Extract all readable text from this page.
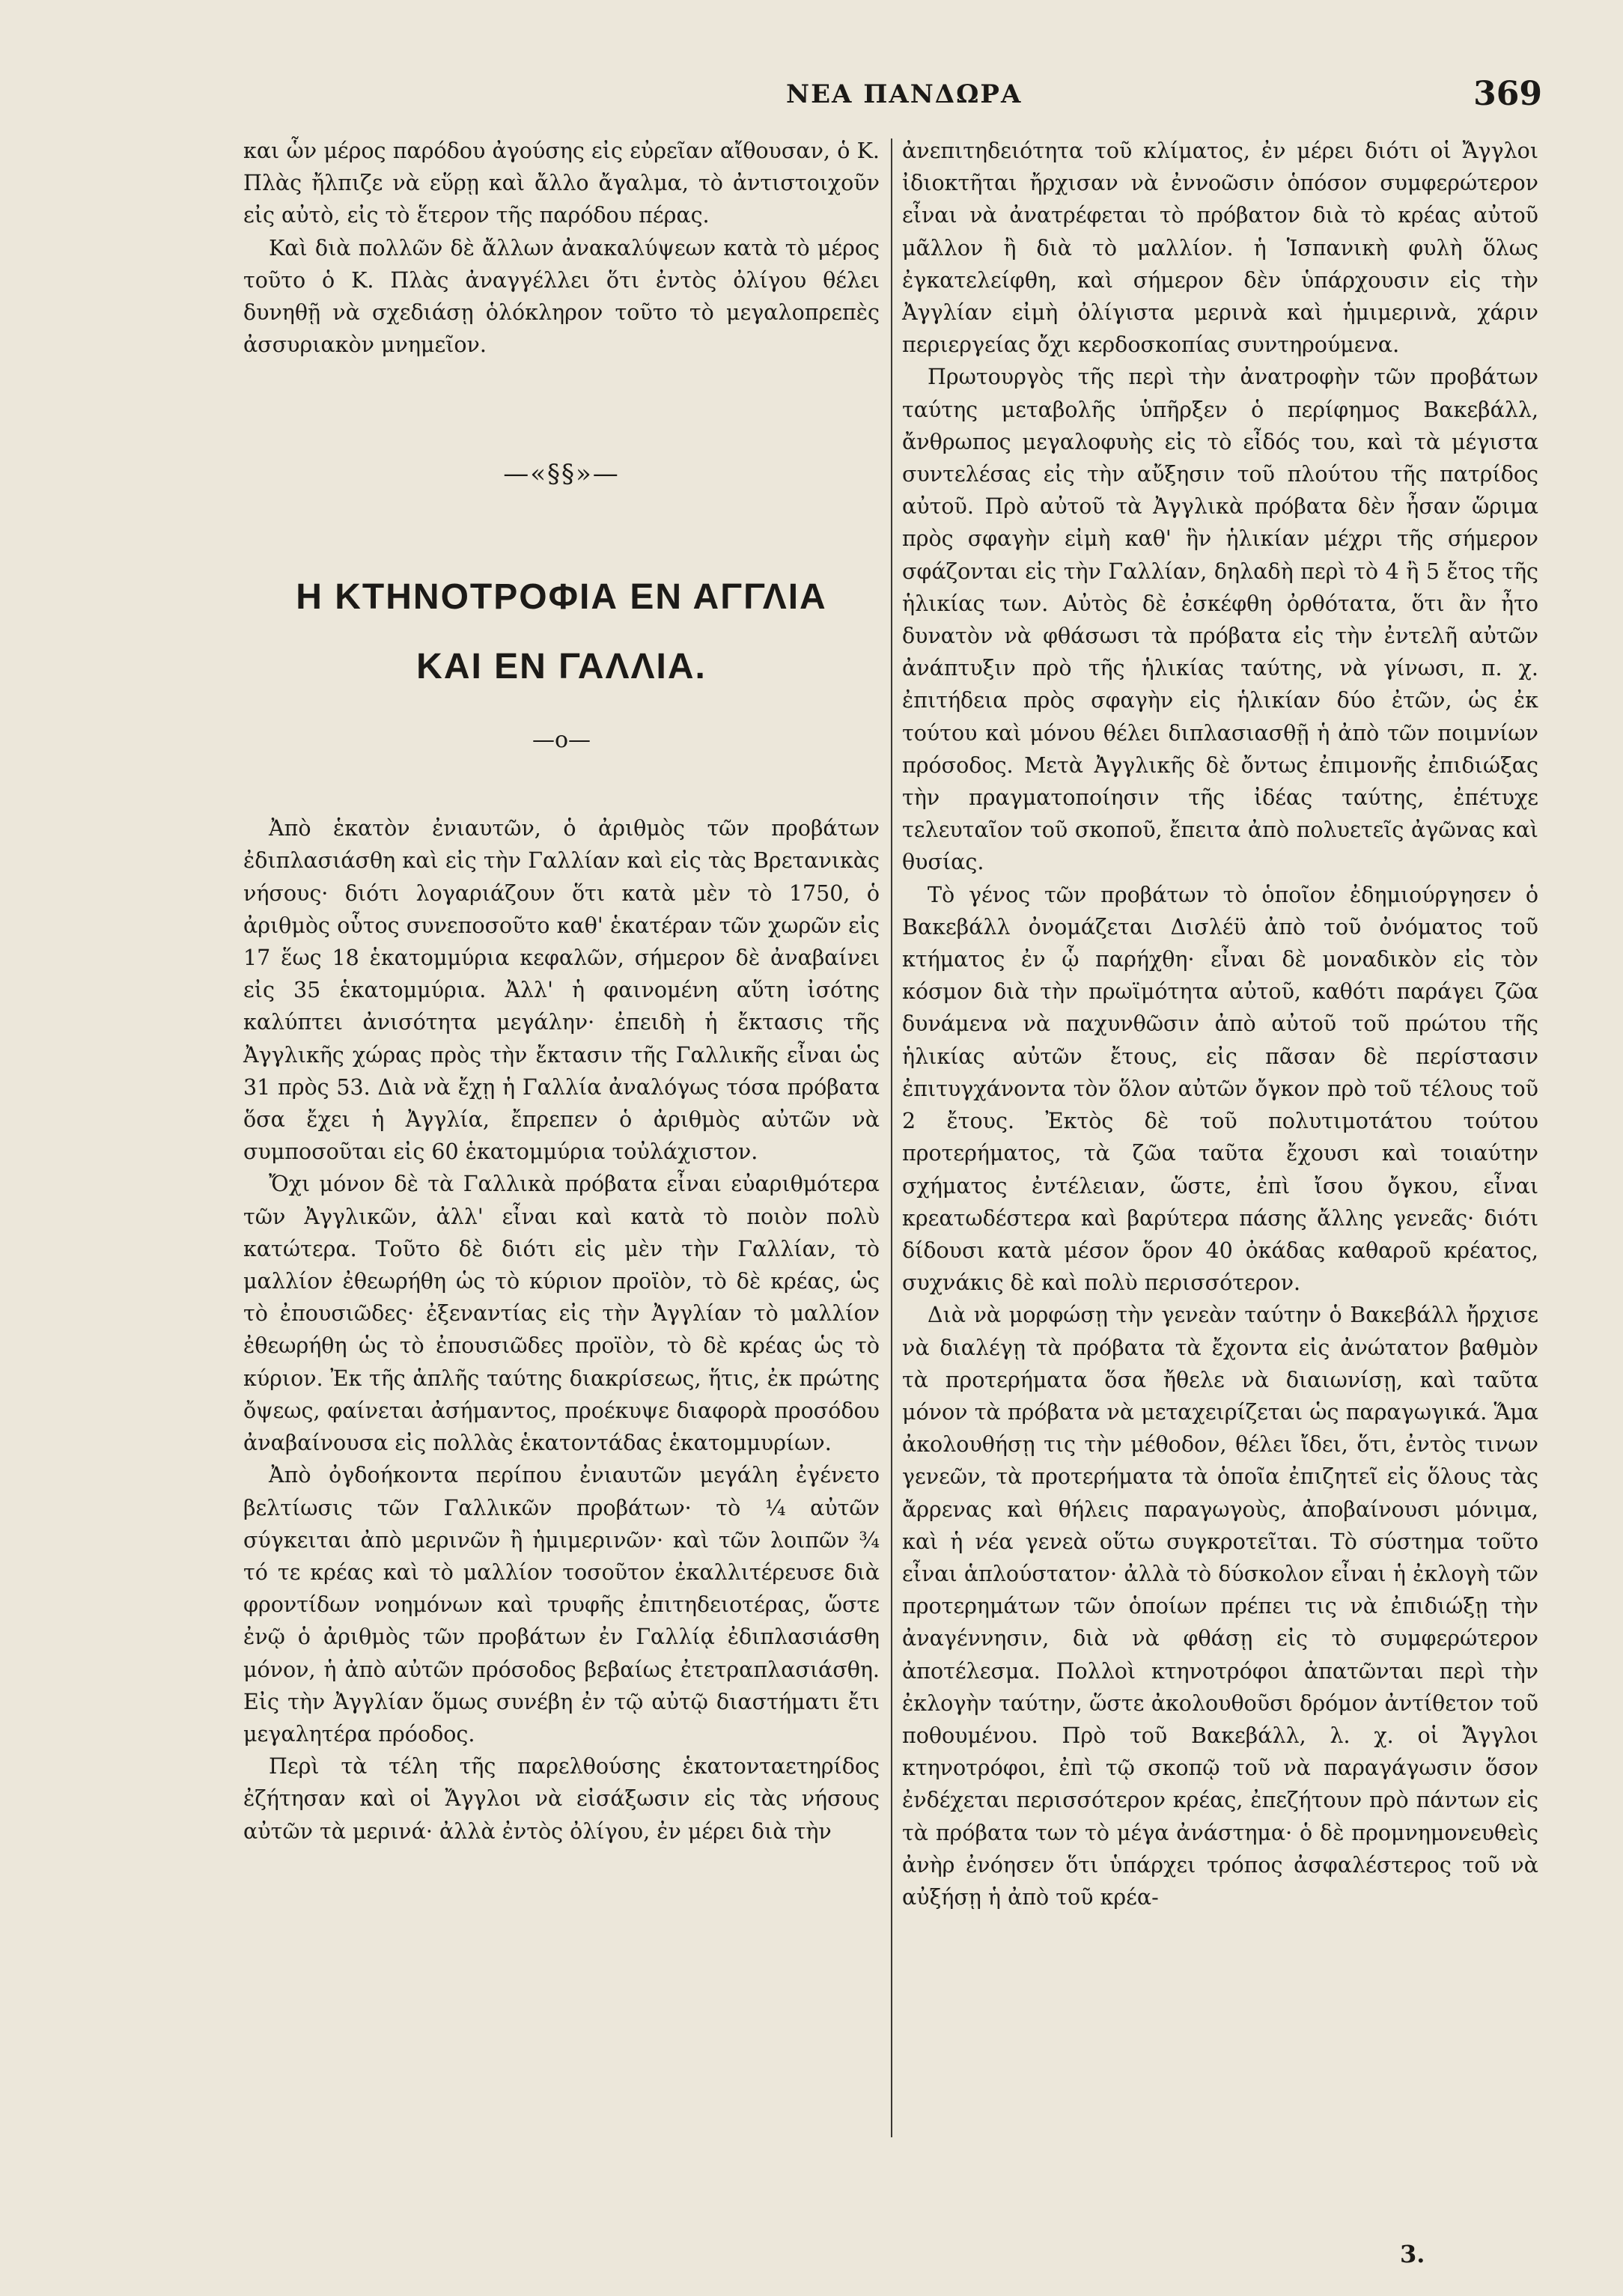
ΝΕΑ ΠΑΝΔΩΡΑ	369

και ὧν μέρος παρόδου ἀγούσης εἰς εὐρεῖαν αἴθουσαν, ὁ Κ. Πλὰς ἤλπιζε νὰ εὕρῃ καὶ ἄλλο ἄγαλμα, τὸ ἀντιστοιχοῦν εἰς αὐτὸ, εἰς τὸ ἕτερον τῆς παρόδου πέρας.

Καὶ διὰ πολλῶν δὲ ἄλλων ἀνακαλύψεων κατὰ τὸ μέρος τοῦτο ὁ Κ. Πλὰς ἀναγγέλλει ὅτι ἐντὸς ὀλίγου θέλει δυνηθῇ νὰ σχεδιάσῃ ὁλόκληρον τοῦτο τὸ μεγαλοπρεπὲς ἀσσυριακὸν μνημεῖον.

—«§§»—
Η ΚΤΗΝΟΤΡΟΦΙΑ ΕΝ ΑΓΓΛΙΑ
ΚΑΙ ΕΝ ΓΑΛΛΙΑ.
—o—

Ἀπὸ ἑκατὸν ἐνιαυτῶν, ὁ ἀριθμὸς τῶν προβάτων ἐδιπλασιάσθη καὶ εἰς τὴν Γαλλίαν καὶ εἰς τὰς Βρετανικὰς νήσους· διότι λογαριάζουν ὅτι κατὰ μὲν τὸ 1750, ὁ ἀριθμὸς οὗτος συνεποσοῦτο καθ' ἑκατέραν τῶν χωρῶν εἰς 17 ἕως 18 ἑκατομμύρια κεφαλῶν, σήμερον δὲ ἀναβαίνει εἰς 35 ἑκατομμύρια. Ἀλλ' ἡ φαινομένη αὕτη ἰσότης καλύπτει ἀνισότητα μεγάλην· ἐπειδὴ ἡ ἔκτασις τῆς Ἀγγλικῆς χώρας πρὸς τὴν ἔκτασιν τῆς Γαλλικῆς εἶναι ὡς 31 πρὸς 53. Διὰ νὰ ἔχῃ ἡ Γαλλία ἀναλόγως τόσα πρόβατα ὅσα ἔχει ἡ Ἀγγλία, ἔπρεπεν ὁ ἀριθμὸς αὐτῶν νὰ συμποσοῦται εἰς 60 ἑκατομμύρια τοὐλάχιστον.

Ὄχι μόνον δὲ τὰ Γαλλικὰ πρόβατα εἶναι εὐαριθμότερα τῶν Ἀγγλικῶν, ἀλλ' εἶναι καὶ κατὰ τὸ ποιὸν πολὺ κατώτερα. Τοῦτο δὲ διότι εἰς μὲν τὴν Γαλλίαν, τὸ μαλλίον ἐθεωρήθη ὡς τὸ κύριον προϊὸν, τὸ δὲ κρέας, ὡς τὸ ἐπουσιῶδες· ἐξεναντίας εἰς τὴν Ἀγγλίαν τὸ μαλλίον ἐθεωρήθη ὡς τὸ ἐπουσιῶδες προϊὸν, τὸ δὲ κρέας ὡς τὸ κύριον. Ἐκ τῆς ἁπλῆς ταύτης διακρίσεως, ἥτις, ἐκ πρώτης ὄψεως, φαίνεται ἀσήμαντος, προέκυψε διαφορὰ προσόδου ἀναβαίνουσα εἰς πολλὰς ἑκατοντάδας ἑκατομμυρίων.

Ἀπὸ ὀγδοήκοντα περίπου ἐνιαυτῶν μεγάλη ἐγένετο βελτίωσις τῶν Γαλλικῶν προβάτων· τὸ ¼ αὐτῶν σύγκειται ἀπὸ μερινῶν ἢ ἡμιμερινῶν· καὶ τῶν λοιπῶν ¾ τό τε κρέας καὶ τὸ μαλλίον τοσοῦτον ἐκαλλιτέρευσε διὰ φροντίδων νοημόνων καὶ τρυφῆς ἐπιτηδειοτέρας, ὥστε ἐνῷ ὁ ἀριθμὸς τῶν προβάτων ἐν Γαλλίᾳ ἐδιπλασιάσθη μόνον, ἡ ἀπὸ αὐτῶν πρόσοδος βεβαίως ἐτετραπλασιάσθη. Εἰς τὴν Ἀγγλίαν ὅμως συνέβη ἐν τῷ αὐτῷ διαστήματι ἔτι μεγαλητέρα πρόοδος.

Περὶ τὰ τέλη τῆς παρελθούσης ἑκατονταετηρίδος ἐζήτησαν καὶ οἱ Ἄγγλοι νὰ εἰσάξωσιν εἰς τὰς νήσους αὐτῶν τὰ μερινά· ἀλλὰ ἐντὸς ὀλίγου, ἐν μέρει διὰ τὴν

ἀνεπιτηδειότητα τοῦ κλίματος, ἐν μέρει διότι οἱ Ἄγγλοι ἰδιοκτῆται ἤρχισαν νὰ ἐννοῶσιν ὁπόσον συμφερώτερον εἶναι νὰ ἀνατρέφεται τὸ πρόβατον διὰ τὸ κρέας αὐτοῦ μᾶλλον ἢ διὰ τὸ μαλλίον. ἡ Ἱσπανικὴ φυλὴ ὅλως ἐγκατελείφθη, καὶ σήμερον δὲν ὑπάρχουσιν εἰς τὴν Ἀγγλίαν εἰμὴ ὀλίγιστα μερινὰ καὶ ἡμιμερινὰ, χάριν περιεργείας ὄχι κερδοσκοπίας συντηρούμενα.

Πρωτουργὸς τῆς περὶ τὴν ἀνατροφὴν τῶν προβάτων ταύτης μεταβολῆς ὑπῆρξεν ὁ περίφημος Βακεβάλλ, ἄνθρωπος μεγαλοφυὴς εἰς τὸ εἶδός του, καὶ τὰ μέγιστα συντελέσας εἰς τὴν αὔξησιν τοῦ πλούτου τῆς πατρίδος αὐτοῦ. Πρὸ αὐτοῦ τὰ Ἀγγλικὰ πρόβατα δὲν ἦσαν ὥριμα πρὸς σφαγὴν εἰμὴ καθ' ἣν ἡλικίαν μέχρι τῆς σήμερον σφάζονται εἰς τὴν Γαλλίαν, δηλαδὴ περὶ τὸ 4 ἢ 5 ἔτος τῆς ἡλικίας των. Αὐτὸς δὲ ἐσκέφθη ὀρθότατα, ὅτι ἂν ἦτο δυνατὸν νὰ φθάσωσι τὰ πρόβατα εἰς τὴν ἐντελῆ αὐτῶν ἀνάπτυξιν πρὸ τῆς ἡλικίας ταύτης, νὰ γίνωσι, π. χ. ἐπιτήδεια πρὸς σφαγὴν εἰς ἡλικίαν δύο ἐτῶν, ὡς ἐκ τούτου καὶ μόνου θέλει διπλασιασθῇ ἡ ἀπὸ τῶν ποιμνίων πρόσοδος. Μετὰ Ἀγγλικῆς δὲ ὄντως ἐπιμονῆς ἐπιδιώξας τὴν πραγματοποίησιν τῆς ἰδέας ταύτης, ἐπέτυχε τελευταῖον τοῦ σκοποῦ, ἔπειτα ἀπὸ πολυετεῖς ἀγῶνας καὶ θυσίας.

Τὸ γένος τῶν προβάτων τὸ ὁποῖον ἐδημιούργησεν ὁ Βακεβάλλ ὀνομάζεται Δισλέϋ ἀπὸ τοῦ ὀνόματος τοῦ κτήματος ἐν ᾧ παρήχθη· εἶναι δὲ μοναδικὸν εἰς τὸν κόσμον διὰ τὴν πρωϊμότητα αὐτοῦ, καθότι παράγει ζῶα δυνάμενα νὰ παχυνθῶσιν ἀπὸ αὐτοῦ τοῦ πρώτου τῆς ἡλικίας αὐτῶν ἔτους, εἰς πᾶσαν δὲ περίστασιν ἐπιτυγχάνοντα τὸν ὅλον αὐτῶν ὄγκον πρὸ τοῦ τέλους τοῦ 2 ἔτους. Ἐκτὸς δὲ τοῦ πολυτιμοτάτου τούτου προτερήματος, τὰ ζῶα ταῦτα ἔχουσι καὶ τοιαύτην σχήματος ἐντέλειαν, ὥστε, ἐπὶ ἴσου ὄγκου, εἶναι κρεατωδέστερα καὶ βαρύτερα πάσης ἄλλης γενεᾶς· διότι δίδουσι κατὰ μέσον ὅρον 40 ὀκάδας καθαροῦ κρέατος, συχνάκις δὲ καὶ πολὺ περισσότερον.

Διὰ νὰ μορφώσῃ τὴν γενεὰν ταύτην ὁ Βακεβάλλ ἤρχισε νὰ διαλέγῃ τὰ πρόβατα τὰ ἔχοντα εἰς ἀνώτατον βαθμὸν τὰ προτερήματα ὅσα ἤθελε νὰ διαιωνίσῃ, καὶ ταῦτα μόνον τὰ πρόβατα νὰ μεταχειρίζεται ὡς παραγωγικά. Ἅμα ἀκολουθήσῃ τις τὴν μέθοδον, θέλει ἴδει, ὅτι, ἐντὸς τινων γενεῶν, τὰ προτερήματα τὰ ὁποῖα ἐπιζητεῖ εἰς ὅλους τὰς ἄρρενας καὶ θήλεις παραγωγοὺς, ἀποβαίνουσι μόνιμα, καὶ ἡ νέα γενεὰ οὕτω συγκροτεῖται. Τὸ σύστημα τοῦτο εἶναι ἁπλούστατον· ἀλλὰ τὸ δύσκολον εἶναι ἡ ἐκλογὴ τῶν προτερημάτων τῶν ὁποίων πρέπει τις νὰ ἐπιδιώξῃ τὴν ἀναγέννησιν, διὰ νὰ φθάσῃ εἰς τὸ συμφερώτερον ἀποτέλεσμα. Πολλοὶ κτηνοτρόφοι ἀπατῶνται περὶ τὴν ἐκλογὴν ταύτην, ὥστε ἀκολουθοῦσι δρόμον ἀντίθετον τοῦ ποθουμένου. Πρὸ τοῦ Βακεβάλλ, λ. χ. οἱ Ἄγγλοι κτηνοτρόφοι, ἐπὶ τῷ σκοπῷ τοῦ νὰ παραγάγωσιν ὅσον ἐνδέχεται περισσότερον κρέας, ἐπεζήτουν πρὸ πάντων εἰς τὰ πρόβατα των τὸ μέγα ἀνάστημα· ὁ δὲ προμνημονευθεὶς ἀνὴρ ἐνόησεν ὅτι ὑπάρχει τρόπος ἀσφαλέστερος τοῦ νὰ αὐξήσῃ ἡ ἀπὸ τοῦ κρέα-

3.
